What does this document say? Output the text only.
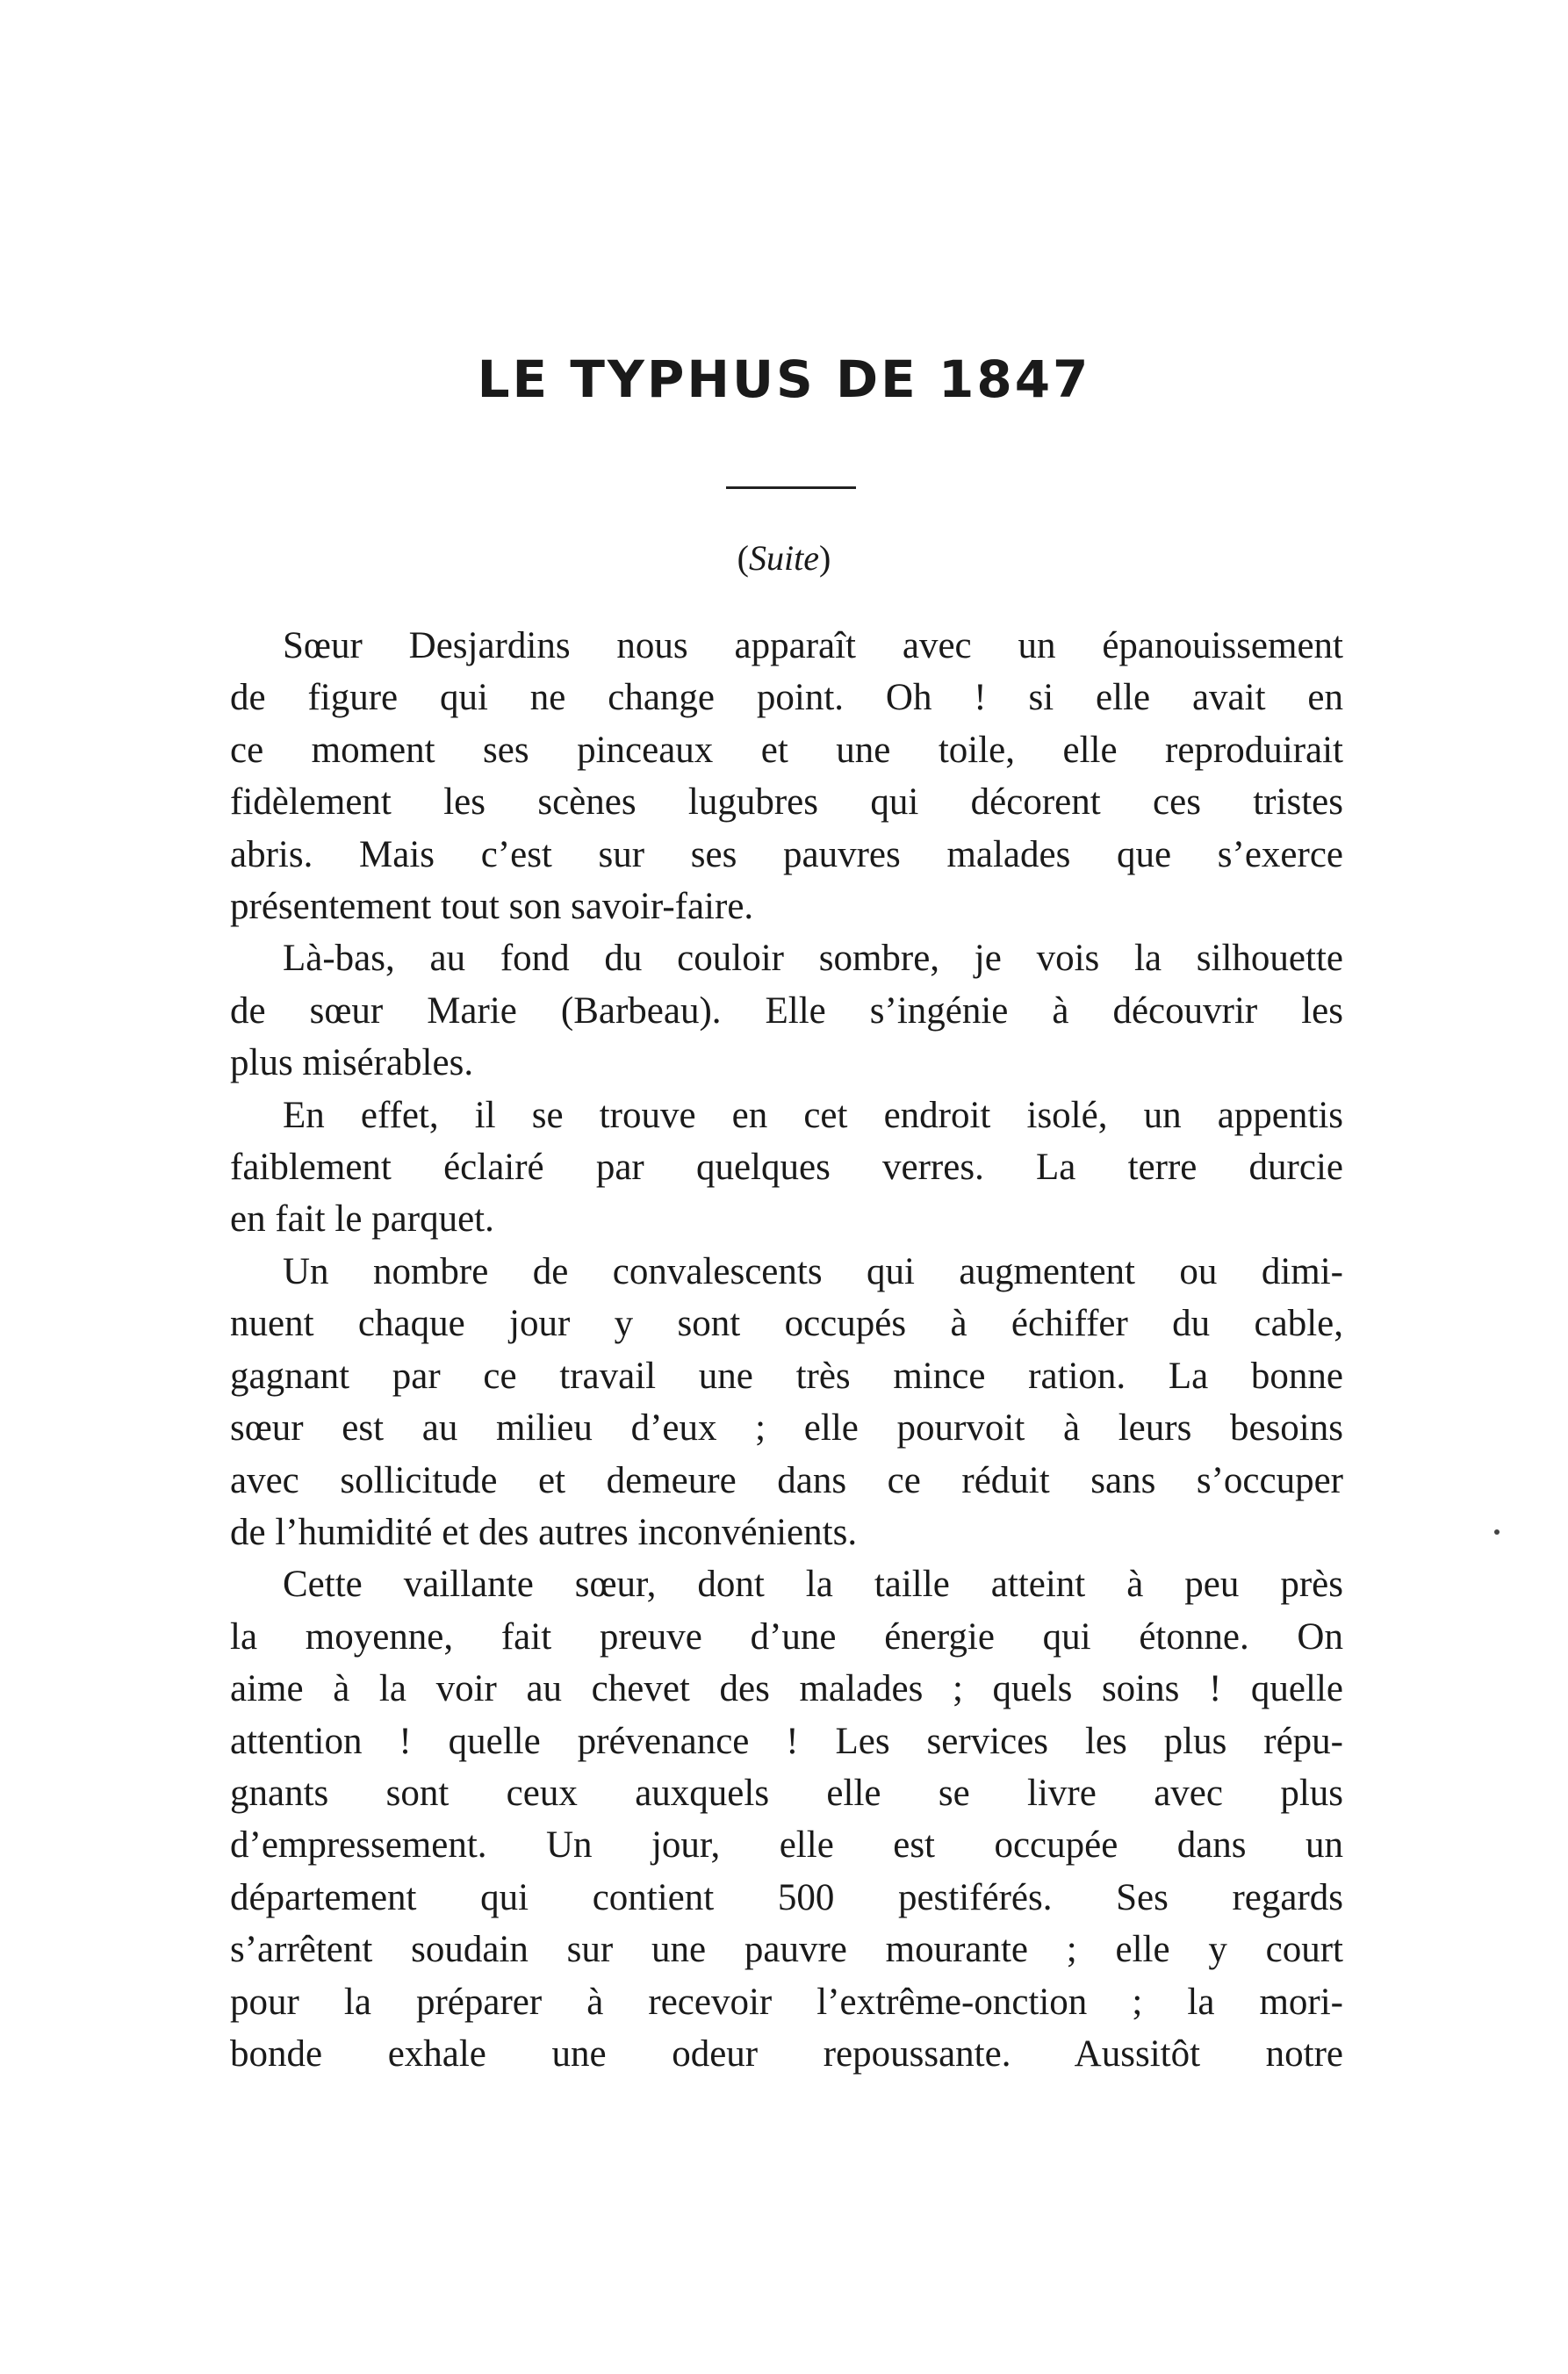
LE TYPHUS DE 1847

(Suite)

Sœur Desjardins nous apparaît avec un épanouissement
de figure qui ne change point. Oh ! si elle avait en
ce moment ses pinceaux et une toile, elle reproduirait
fidèlement les scènes lugubres qui décorent ces tristes
abris. Mais c’est sur ses pauvres malades que s’exerce
présentement tout son savoir-faire.

Là-bas, au fond du couloir sombre, je vois la silhouette
de sœur Marie (Barbeau). Elle s’ingénie à découvrir les
plus misérables.

En effet, il se trouve en cet endroit isolé, un appentis
faiblement éclairé par quelques verres. La terre durcie
en fait le parquet.

Un nombre de convalescents qui augmentent ou dimi-
nuent chaque jour y sont occupés à échiffer du cable,
gagnant par ce travail une très mince ration. La bonne
sœur est au milieu d’eux ; elle pourvoit à leurs besoins
avec sollicitude et demeure dans ce réduit sans s’occuper
de l’humidité et des autres inconvénients.

Cette vaillante sœur, dont la taille atteint à peu près
la moyenne, fait preuve d’une énergie qui étonne. On
aime à la voir au chevet des malades ; quels soins ! quelle
attention ! quelle prévenance ! Les services les plus répu-
gnants sont ceux auxquels elle se livre avec plus
d’empressement. Un jour, elle est occupée dans un
département qui contient 500 pestiférés. Ses regards
s’arrêtent soudain sur une pauvre mourante ; elle y court
pour la préparer à recevoir l’extrême-onction ; la mori-
bonde exhale une odeur repoussante. Aussitôt notre
